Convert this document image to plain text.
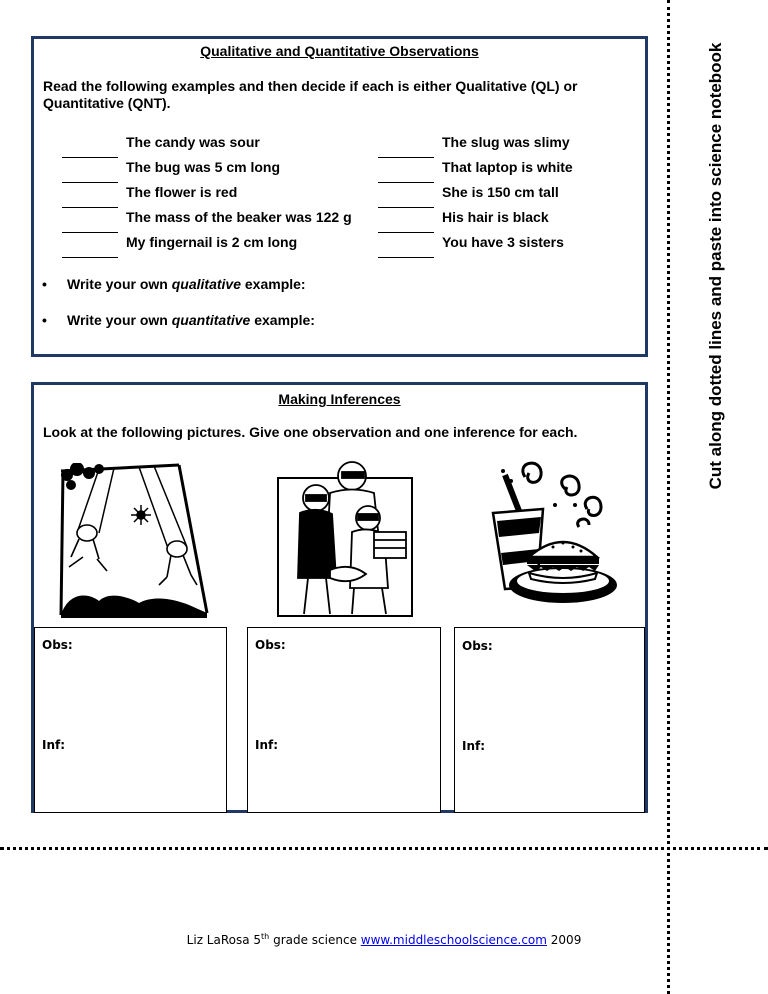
Qualitative and Quantitative Observations
Read the following examples and then decide if each is either Qualitative (QL) or Quantitative (QNT).
The candy was sour
The bug was 5 cm long
The flower is red
The mass of the beaker was 122 g
My fingernail is 2 cm long
The slug was slimy
That laptop is white
She is 150 cm tall
His hair is black
You have 3 sisters
• Write your own qualitative example:
• Write your own quantitative example:
Making Inferences
Look at the following pictures. Give one observation and one inference for each.
Obs:
Inf:
Obs:
Inf:
Obs:
Inf:
Cut along dotted lines and paste into science notebook
Liz LaRosa 5th grade science www.middleschoolscience.com 2009
